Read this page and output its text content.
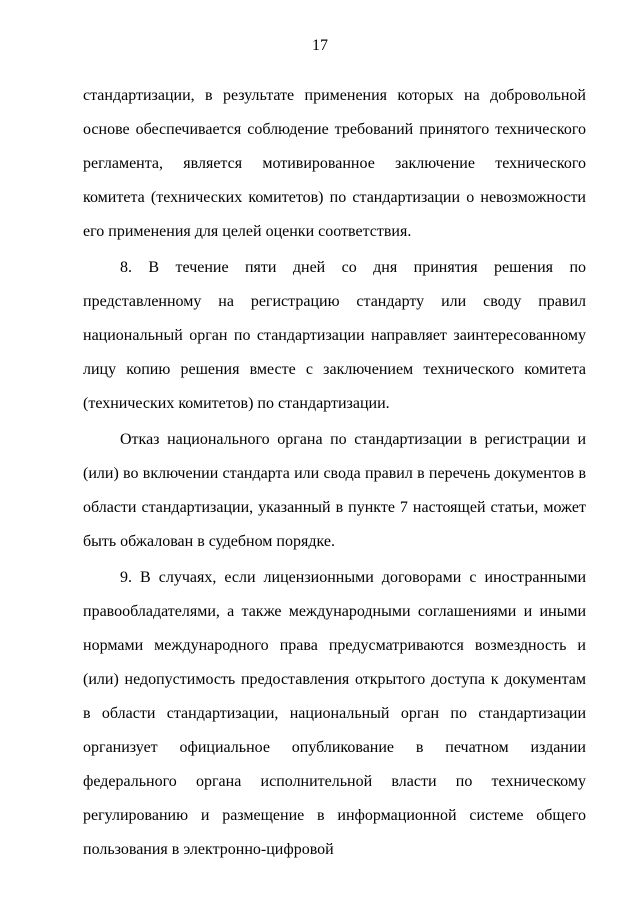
17

стандартизации, в результате применения которых на добровольной основе обеспечивается соблюдение требований принятого технического регламента, является мотивированное заключение технического комитета (технических комитетов) по стандартизации о невозможности его применения для целей оценки соответствия.

8. В течение пяти дней со дня принятия решения по представленному на регистрацию стандарту или своду правил национальный орган по стандартизации направляет заинтересованному лицу копию решения вместе с заключением технического комитета (технических комитетов) по стандартизации.

Отказ национального органа по стандартизации в регистрации и (или) во включении стандарта или свода правил в перечень документов в области стандартизации, указанный в пункте 7 настоящей статьи, может быть обжалован в судебном порядке.

9. В случаях, если лицензионными договорами с иностранными правообладателями, а также международными соглашениями и иными нормами международного права предусматриваются возмездность и (или) недопустимость предоставления открытого доступа к документам в области стандартизации, национальный орган по стандартизации организует официальное опубликование в печатном издании федерального органа исполнительной власти по техническому регулированию и размещение в информационной системе общего пользования в электронно-цифровой
